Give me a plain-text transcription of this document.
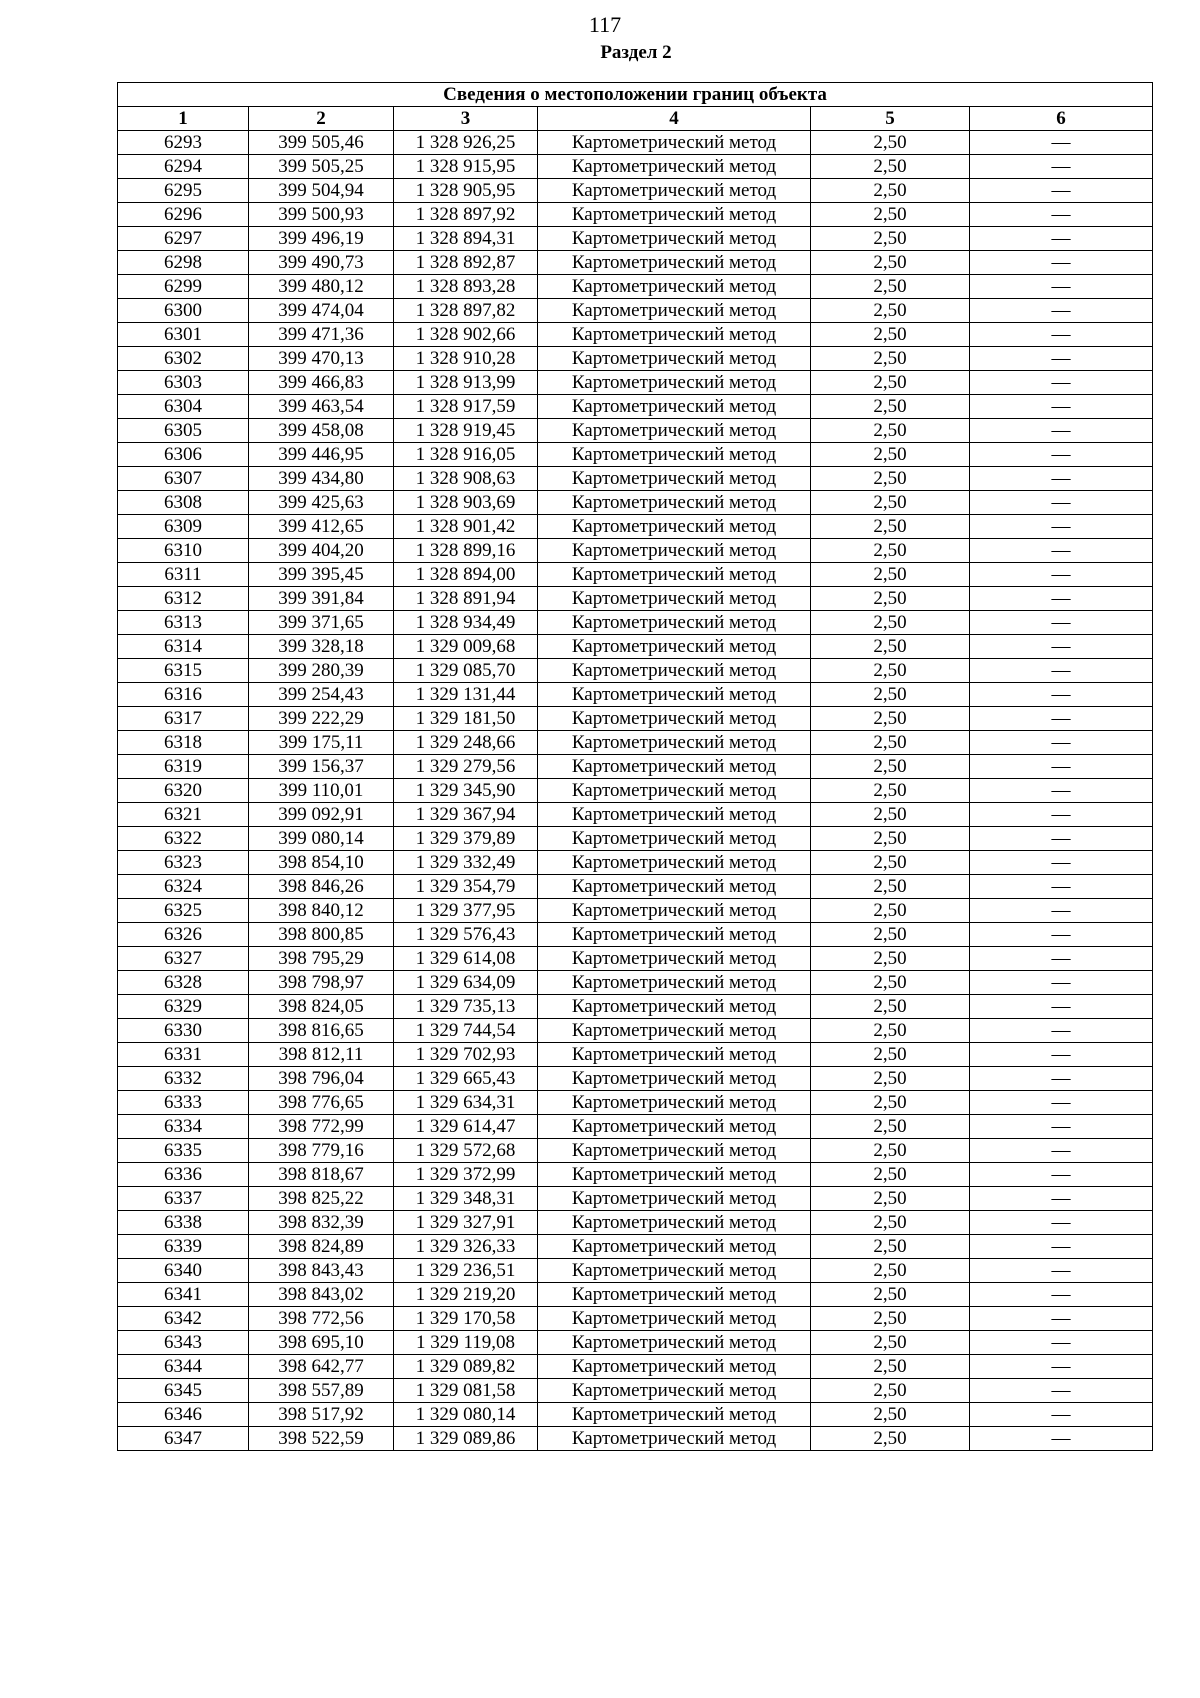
117
Раздел 2
Сведения о местоположении границ объекта					
1	2	3	4	5	6
6293	399 505,46	1 328 926,25	Картометрический метод	2,50	—
6294	399 505,25	1 328 915,95	Картометрический метод	2,50	—
6295	399 504,94	1 328 905,95	Картометрический метод	2,50	—
6296	399 500,93	1 328 897,92	Картометрический метод	2,50	—
6297	399 496,19	1 328 894,31	Картометрический метод	2,50	—
6298	399 490,73	1 328 892,87	Картометрический метод	2,50	—
6299	399 480,12	1 328 893,28	Картометрический метод	2,50	—
6300	399 474,04	1 328 897,82	Картометрический метод	2,50	—
6301	399 471,36	1 328 902,66	Картометрический метод	2,50	—
6302	399 470,13	1 328 910,28	Картометрический метод	2,50	—
6303	399 466,83	1 328 913,99	Картометрический метод	2,50	—
6304	399 463,54	1 328 917,59	Картометрический метод	2,50	—
6305	399 458,08	1 328 919,45	Картометрический метод	2,50	—
6306	399 446,95	1 328 916,05	Картометрический метод	2,50	—
6307	399 434,80	1 328 908,63	Картометрический метод	2,50	—
6308	399 425,63	1 328 903,69	Картометрический метод	2,50	—
6309	399 412,65	1 328 901,42	Картометрический метод	2,50	—
6310	399 404,20	1 328 899,16	Картометрический метод	2,50	—
6311	399 395,45	1 328 894,00	Картометрический метод	2,50	—
6312	399 391,84	1 328 891,94	Картометрический метод	2,50	—
6313	399 371,65	1 328 934,49	Картометрический метод	2,50	—
6314	399 328,18	1 329 009,68	Картометрический метод	2,50	—
6315	399 280,39	1 329 085,70	Картометрический метод	2,50	—
6316	399 254,43	1 329 131,44	Картометрический метод	2,50	—
6317	399 222,29	1 329 181,50	Картометрический метод	2,50	—
6318	399 175,11	1 329 248,66	Картометрический метод	2,50	—
6319	399 156,37	1 329 279,56	Картометрический метод	2,50	—
6320	399 110,01	1 329 345,90	Картометрический метод	2,50	—
6321	399 092,91	1 329 367,94	Картометрический метод	2,50	—
6322	399 080,14	1 329 379,89	Картометрический метод	2,50	—
6323	398 854,10	1 329 332,49	Картометрический метод	2,50	—
6324	398 846,26	1 329 354,79	Картометрический метод	2,50	—
6325	398 840,12	1 329 377,95	Картометрический метод	2,50	—
6326	398 800,85	1 329 576,43	Картометрический метод	2,50	—
6327	398 795,29	1 329 614,08	Картометрический метод	2,50	—
6328	398 798,97	1 329 634,09	Картометрический метод	2,50	—
6329	398 824,05	1 329 735,13	Картометрический метод	2,50	—
6330	398 816,65	1 329 744,54	Картометрический метод	2,50	—
6331	398 812,11	1 329 702,93	Картометрический метод	2,50	—
6332	398 796,04	1 329 665,43	Картометрический метод	2,50	—
6333	398 776,65	1 329 634,31	Картометрический метод	2,50	—
6334	398 772,99	1 329 614,47	Картометрический метод	2,50	—
6335	398 779,16	1 329 572,68	Картометрический метод	2,50	—
6336	398 818,67	1 329 372,99	Картометрический метод	2,50	—
6337	398 825,22	1 329 348,31	Картометрический метод	2,50	—
6338	398 832,39	1 329 327,91	Картометрический метод	2,50	—
6339	398 824,89	1 329 326,33	Картометрический метод	2,50	—
6340	398 843,43	1 329 236,51	Картометрический метод	2,50	—
6341	398 843,02	1 329 219,20	Картометрический метод	2,50	—
6342	398 772,56	1 329 170,58	Картометрический метод	2,50	—
6343	398 695,10	1 329 119,08	Картометрический метод	2,50	—
6344	398 642,77	1 329 089,82	Картометрический метод	2,50	—
6345	398 557,89	1 329 081,58	Картометрический метод	2,50	—
6346	398 517,92	1 329 080,14	Картометрический метод	2,50	—
6347	398 522,59	1 329 089,86	Картометрический метод	2,50	—
